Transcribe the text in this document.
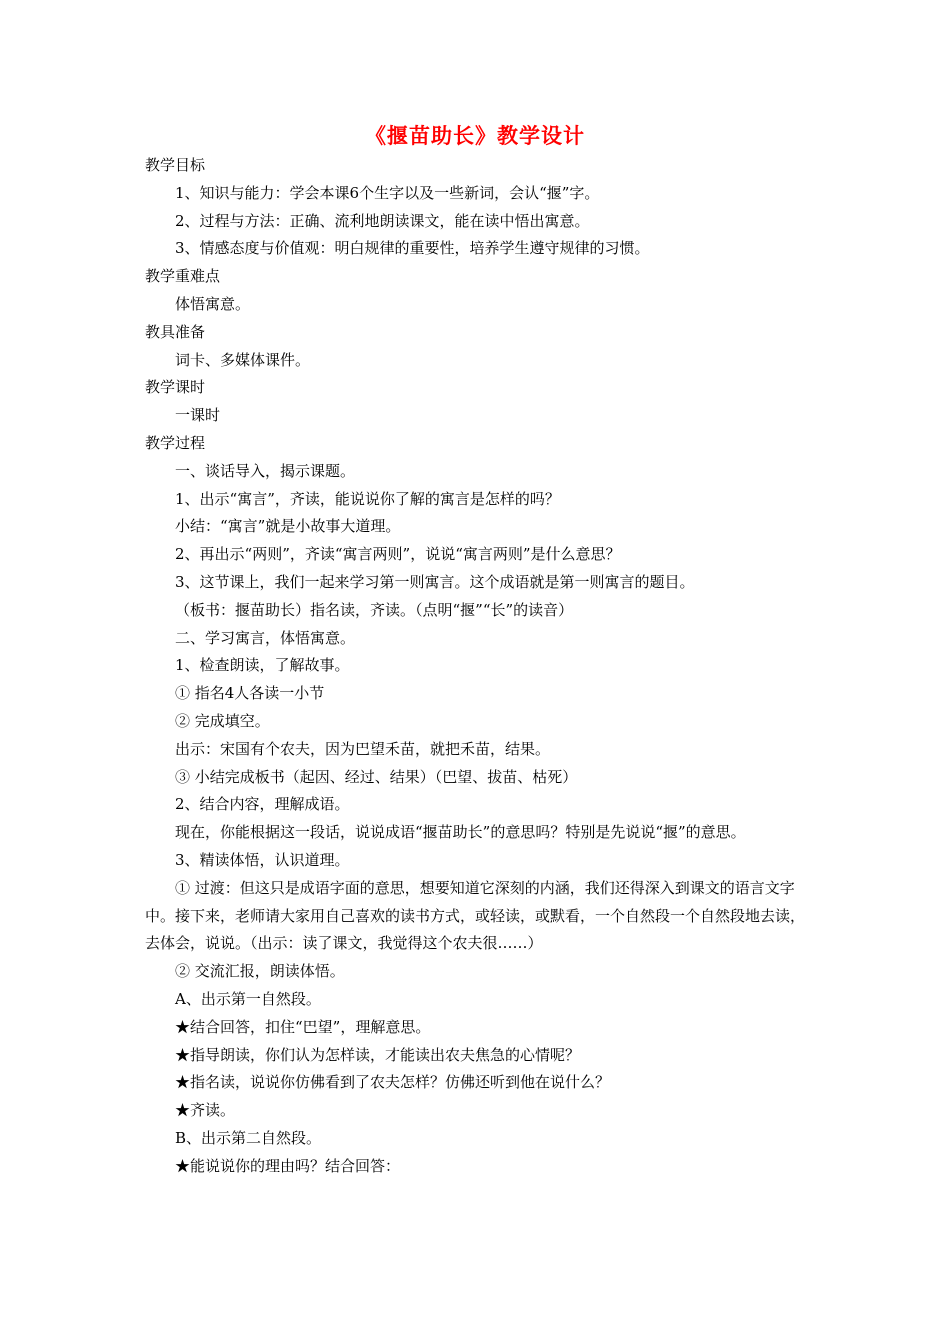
《揠苗助长》教学设计

教学目标

1、知识与能力：学会本课6个生字以及一些新词，会认“揠”字。

2、过程与方法：正确、流利地朗读课文，能在读中悟出寓意。

3、情感态度与价值观：明白规律的重要性，培养学生遵守规律的习惯。

教学重难点

体悟寓意。

教具准备

词卡、多媒体课件。

教学课时

一课时

教学过程

一、谈话导入，揭示课题。

1、出示“寓言”，齐读，能说说你了解的寓言是怎样的吗？

小结：“寓言”就是小故事大道理。

2、再出示“两则”，齐读“寓言两则”，说说“寓言两则”是什么意思？

3、这节课上，我们一起来学习第一则寓言。这个成语就是第一则寓言的题目。

（板书：揠苗助长）指名读，齐读。（点明“揠”“长”的读音）

二、学习寓言，体悟寓意。

1、检查朗读，了解故事。

① 指名4人各读一小节

② 完成填空。

出示：宋国有个农夫，因为巴望禾苗，就把禾苗，结果。

③ 小结完成板书（起因、经过、结果）（巴望、拔苗、枯死）

2、结合内容，理解成语。

现在，你能根据这一段话，说说成语“揠苗助长”的意思吗？特别是先说说“揠”的意思。

3、精读体悟，认识道理。

① 过渡：但这只是成语字面的意思，想要知道它深刻的内涵，我们还得深入到课文的语言文字中。接下来，老师请大家用自己喜欢的读书方式，或轻读，或默看，一个自然段一个自然段地去读，去体会，说说。（出示：读了课文，我觉得这个农夫很……）

② 交流汇报，朗读体悟。

A、出示第一自然段。

★结合回答，扣住“巴望”，理解意思。

★指导朗读，你们认为怎样读，才能读出农夫焦急的心情呢？

★指名读，说说你仿佛看到了农夫怎样？仿佛还听到他在说什么？

★齐读。

B、出示第二自然段。

★能说说你的理由吗？结合回答：
